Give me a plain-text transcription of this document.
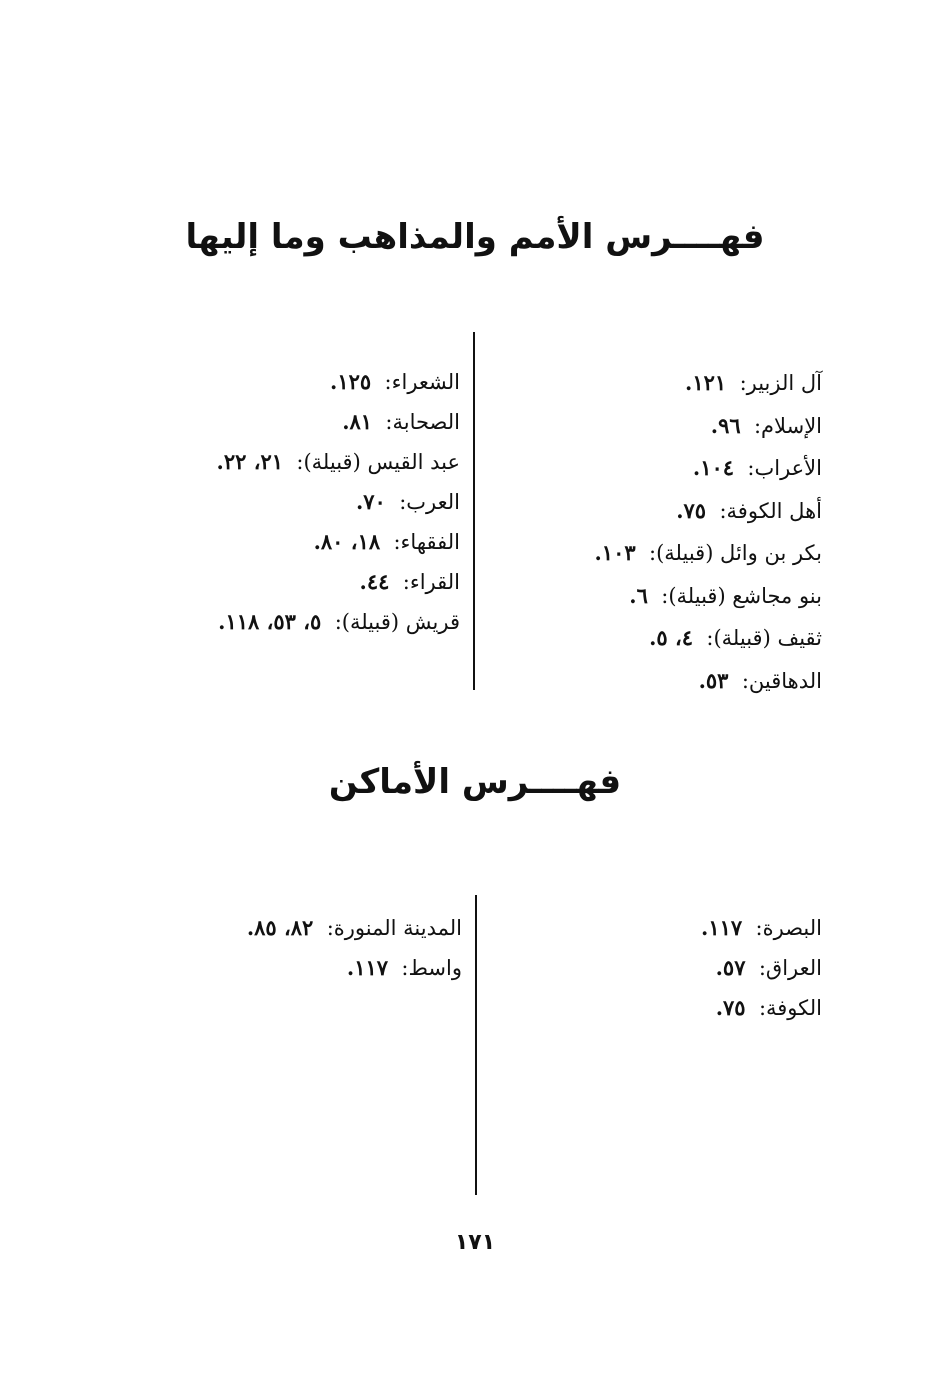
فهــــرس الأمم والمذاهب وما إليها
آل الزبير:  ١٢١.
الإسلام:  ٩٦.
الأعراب:  ١٠٤.
أهل الكوفة:  ٧٥.
بكر بن وائل (قبيلة):  ١٠٣.
بنو مجاشع (قبيلة):  ٦.
ثقيف (قبيلة):  ٤، ٥.
الدهاقين:  ٥٣.
الشعراء:  ١٢٥.
الصحابة:  ٨١.
عبد القيس (قبيلة):  ٢١، ٢٢.
العرب:  ٧٠.
الفقهاء:  ١٨، ٨٠.
القراء:  ٤٤.
قريش (قبيلة):  ٥، ٥٣، ١١٨.
فهــــرس الأماكن
البصرة:  ١١٧.
العراق:  ٥٧.
الكوفة:  ٧٥.
المدينة المنورة:  ٨٢، ٨٥.
واسط:  ١١٧.
١٧١
